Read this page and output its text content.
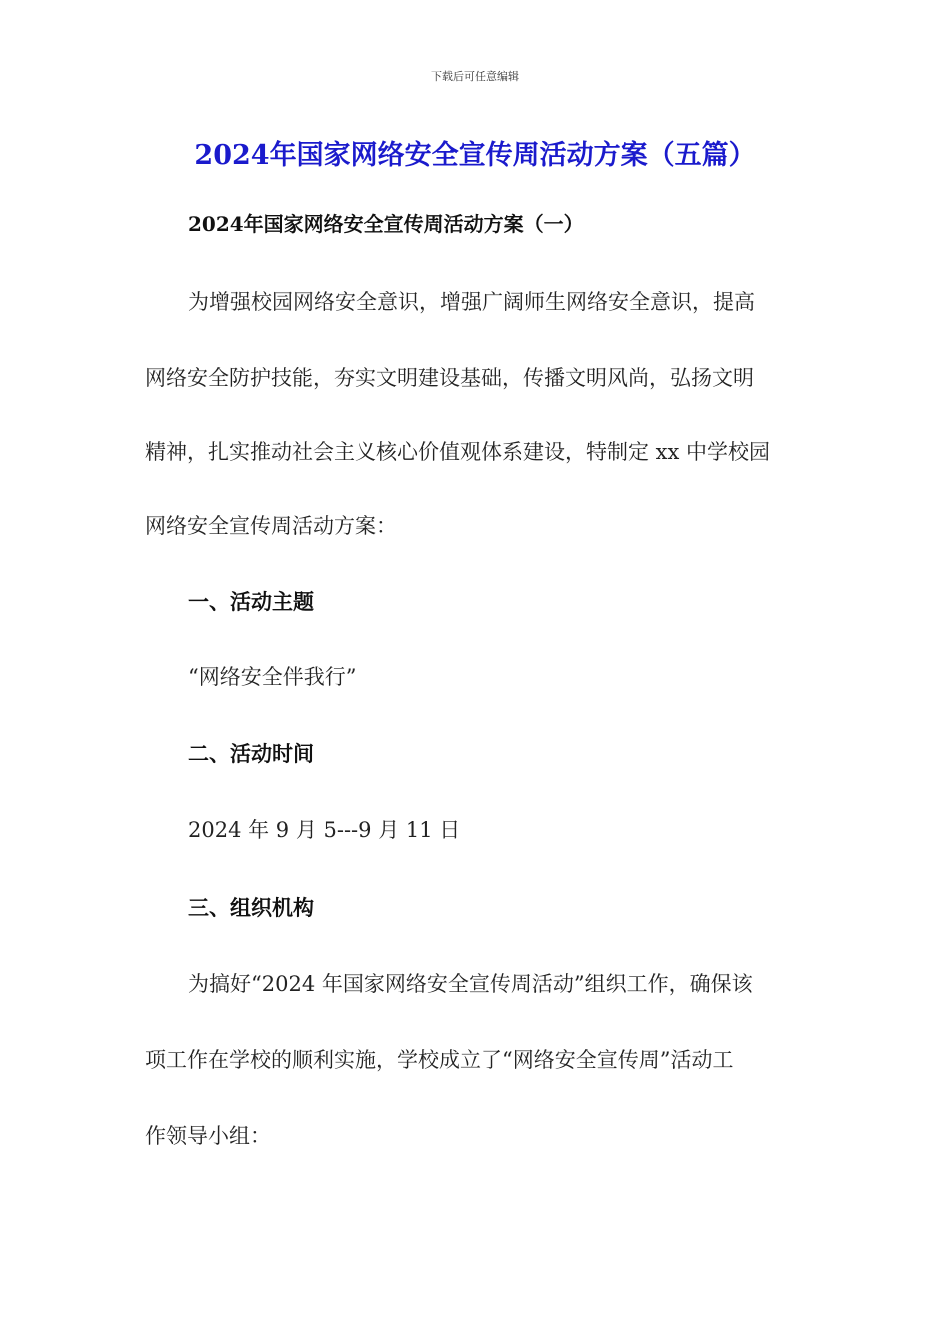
下载后可任意编辑
2024年国家网络安全宣传周活动方案（五篇）
2024年国家网络安全宣传周活动方案（一）
为增强校园网络安全意识，增强广阔师生网络安全意识，提高
网络安全防护技能，夯实文明建设基础，传播文明风尚，弘扬文明
精神，扎实推动社会主义核心价值观体系建设，特制定 xx 中学校园
网络安全宣传周活动方案：
一、活动主题
“网络安全伴我行”
二、活动时间
2024 年 9 月 5---9 月 11 日
三、组织机构
为搞好“2024 年国家网络安全宣传周活动”组织工作，确保该
项工作在学校的顺利实施，学校成立了“网络安全宣传周”活动工
作领导小组：
